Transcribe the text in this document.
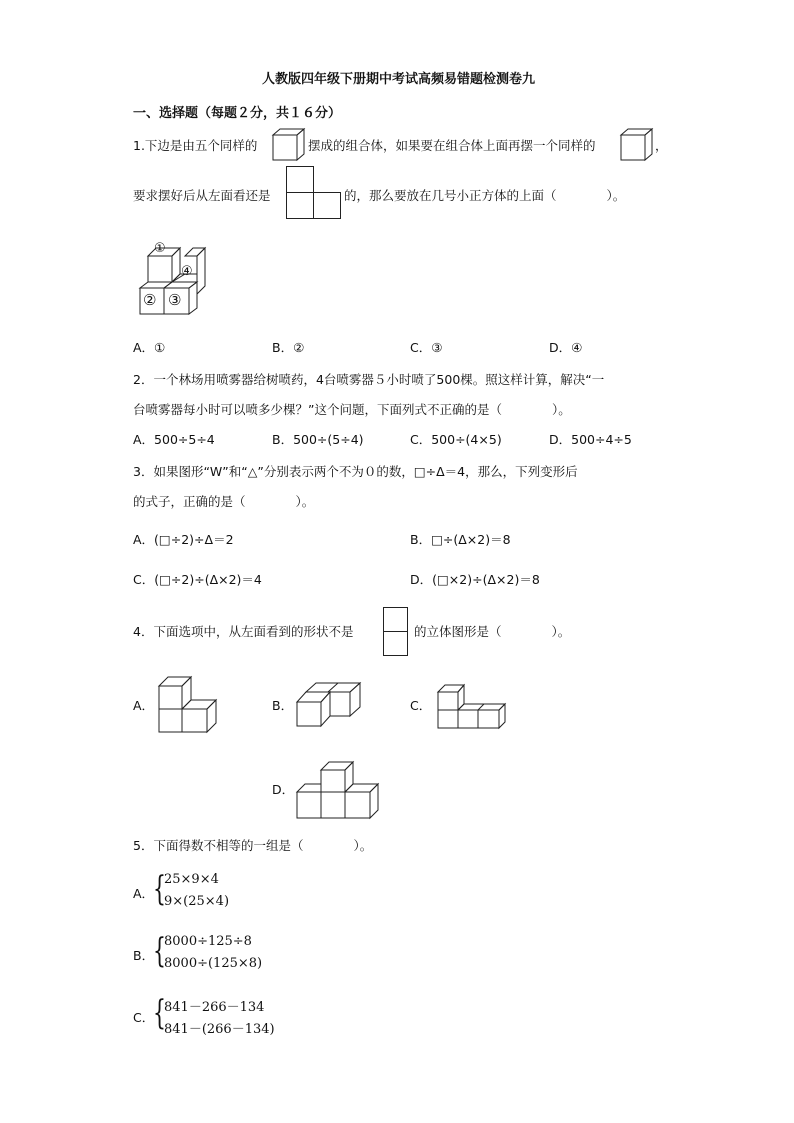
人教版四年级下册期中考试高频易错题检测卷九
一、选择题（每题２分，共１６分）
1.下边是由五个同样的	摆成的组合体，如果要在组合体上面再摆一个同样的	，
要求摆好后从左面看还是	的，那么要放在几号小正方体的上面（　　　　）。
①
④
② ③
A．①	B．②	C．③	D．④
2．一个林场用喷雾器给树喷药，4台喷雾器５小时喷了500棵。照这样计算，解决“一
台喷雾器每小时可以喷多少棵？”这个问题，下面列式不正确的是（　　　　）。
A．500÷5÷4	B．500÷(5÷4)	C．500÷(4×5)	D．500÷4÷5
3．如果图形“W”和“△”分别表示两个不为０的数，□÷Δ＝4，那么，下列变形后
的式子，正确的是（　　　　）。
A．(□÷2)÷Δ＝2	B．□÷(Δ×2)＝8
C．(□÷2)÷(Δ×2)＝4	D．(□×2)÷(Δ×2)＝8
4．下面选项中，从左面看到的形状不是	的立体图形是（　　　　）。
A．	B．	C．
D．
5．下面得数不相等的一组是（　　　　）。
A．
{
25×9×4
9×(25×4)
B．
{
8000÷125÷8
8000÷(125×8)
C．
{
841－266－134
841－(266－134)
